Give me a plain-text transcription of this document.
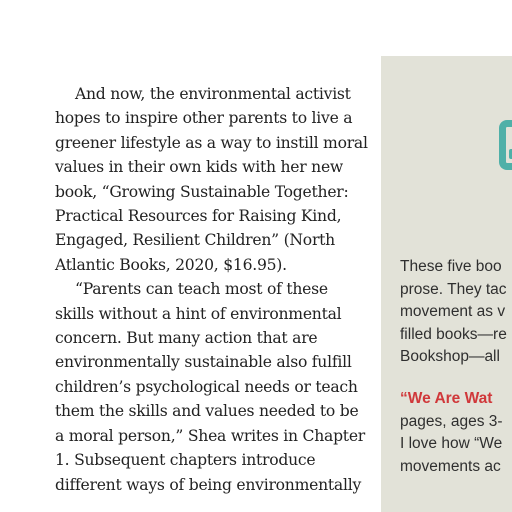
And now, the environmental activist
hopes to inspire other parents to live a
greener lifestyle as a way to instill moral
values in their own kids with her new
book, “Growing Sustainable Together:
Practical Resources for Raising Kind,
Engaged, Resilient Children” (North
Atlantic Books, 2020, $16.95).

“Parents can teach most of these
skills without a hint of environmental
concern. But many action that are
environmentally sustainable also fulfill
children’s psychological needs or teach
them the skills and values needed to be
a moral person,” Shea writes in Chapter
1. Subsequent chapters introduce
different ways of being environmentally

These five boo
prose. They tac
movement as v
filled books—re
Bookshop—all
“We Are Wat
pages, ages 3-
I love how “We
movements ac
